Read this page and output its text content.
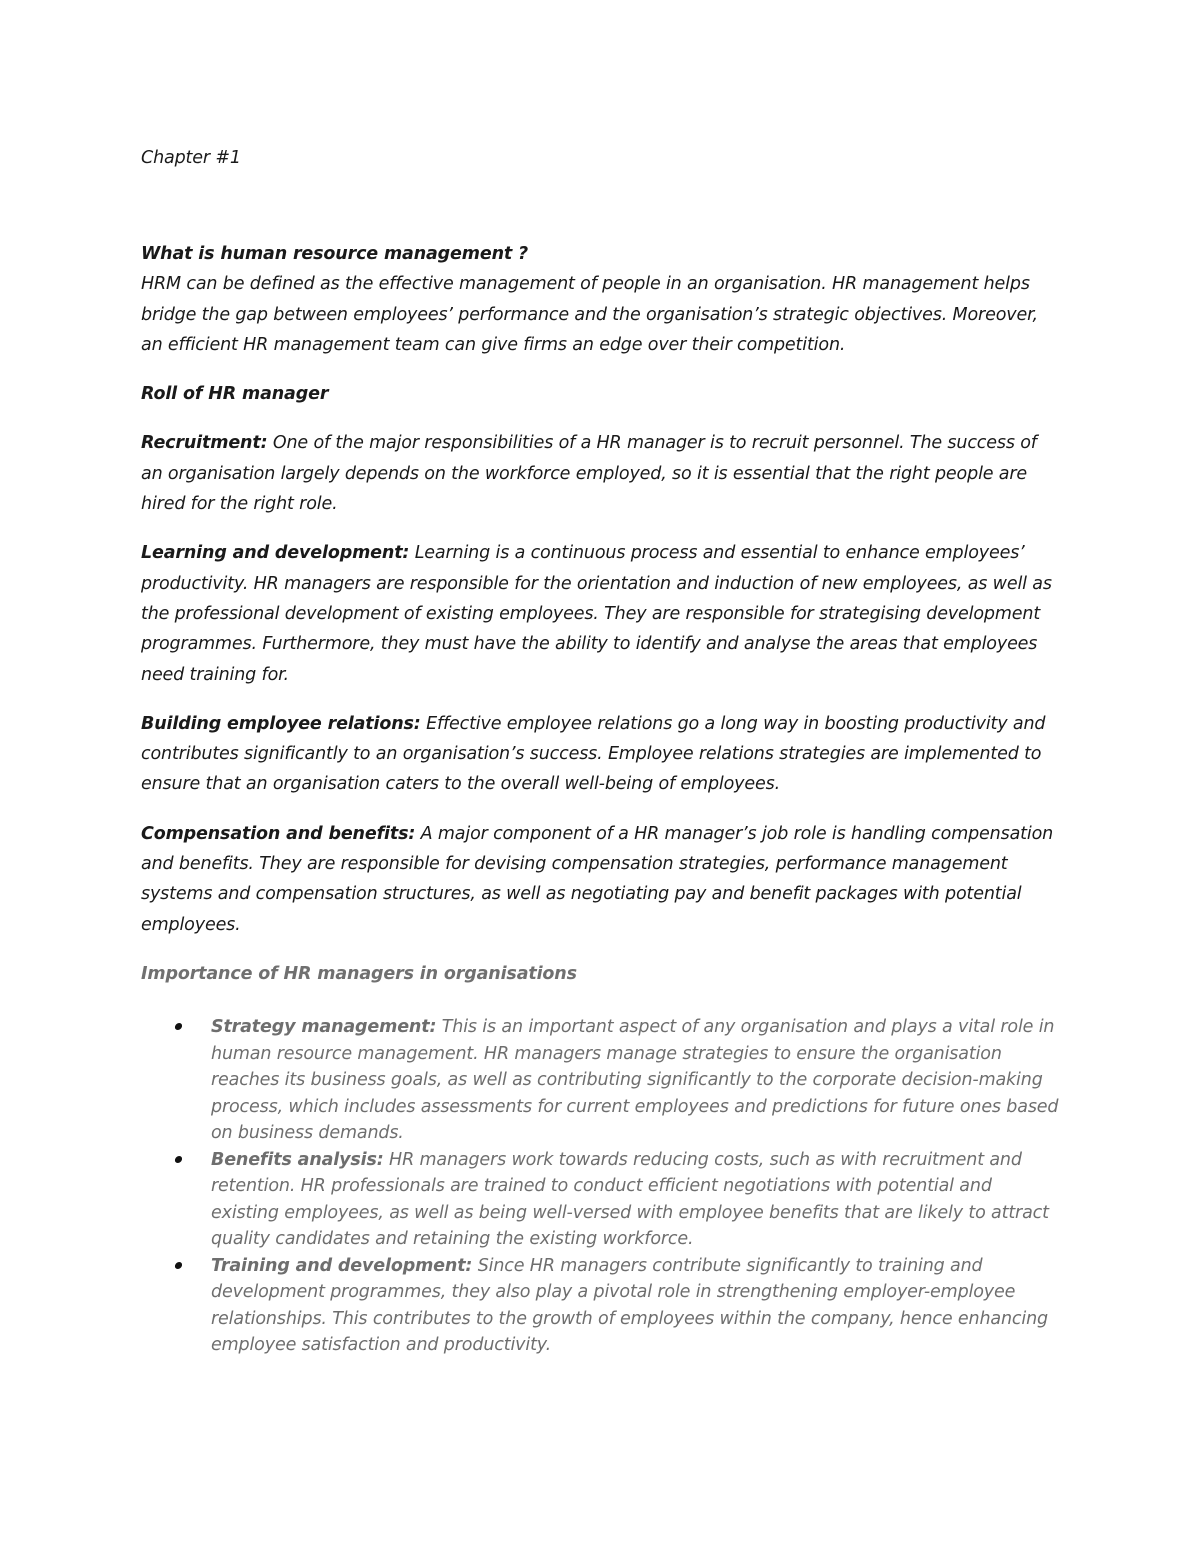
Chapter #1

What is human resource management ?

HRM can be defined as the effective management of people in an organisation. HR management helps bridge the gap between employees’ performance and the organisation’s strategic objectives. Moreover, an efficient HR management team can give firms an edge over their competition.

Roll of HR manager

Recruitment: One of the major responsibilities of a HR manager is to recruit personnel. The success of an organisation largely depends on the workforce employed, so it is essential that the right people are hired for the right role.

Learning and development: Learning is a continuous process and essential to enhance employees’ productivity. HR managers are responsible for the orientation and induction of new employees, as well as the professional development of existing employees. They are responsible for strategising development programmes. Furthermore, they must have the ability to identify and analyse the areas that employees need training for.

Building employee relations: Effective employee relations go a long way in boosting productivity and contributes significantly to an organisation’s success. Employee relations strategies are implemented to ensure that an organisation caters to the overall well-being of employees.

Compensation and benefits: A major component of a HR manager’s job role is handling compensation and benefits. They are responsible for devising compensation strategies, performance management systems and compensation structures, as well as negotiating pay and benefit packages with potential employees.

Importance of HR managers in organisations

Strategy management: This is an important aspect of any organisation and plays a vital role in human resource management. HR managers manage strategies to ensure the organisation reaches its business goals, as well as contributing significantly to the corporate decision-making process, which includes assessments for current employees and predictions for future ones based on business demands.
Benefits analysis: HR managers work towards reducing costs, such as with recruitment and retention. HR professionals are trained to conduct efficient negotiations with potential and existing employees, as well as being well-versed with employee benefits that are likely to attract quality candidates and retaining the existing workforce.
Training and development: Since HR managers contribute significantly to training and development programmes, they also play a pivotal role in strengthening employer-employee relationships. This contributes to the growth of employees within the company, hence enhancing employee satisfaction and productivity.
